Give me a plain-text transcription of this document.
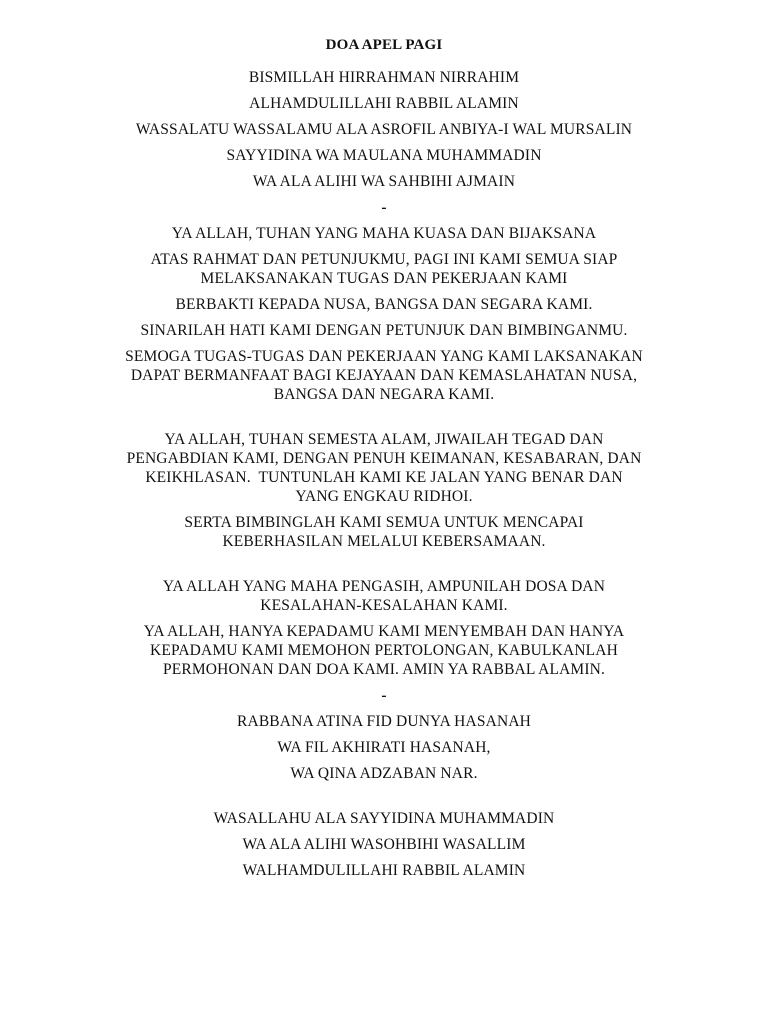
DOA APEL PAGI
BISMILLAH HIRRAHMAN NIRRAHIM
ALHAMDULILLAHI RABBIL ALAMIN
WASSALATU WASSALAMU ALA ASROFIL ANBIYA-I WAL MURSALIN
SAYYIDINA WA MAULANA MUHAMMADIN
WA ALA ALIHI WA SAHBIHI AJMAIN
-
YA ALLAH, TUHAN YANG MAHA KUASA DAN BIJAKSANA
ATAS RAHMAT DAN PETUNJUKMU, PAGI INI KAMI SEMUA SIAP
MELAKSANAKAN TUGAS DAN PEKERJAAN KAMI
BERBAKTI KEPADA NUSA, BANGSA DAN SEGARA KAMI.
SINARILAH HATI KAMI DENGAN PETUNJUK DAN BIMBINGANMU.
SEMOGA TUGAS-TUGAS DAN PEKERJAAN YANG KAMI LAKSANAKAN
DAPAT BERMANFAAT BAGI KEJAYAAN DAN KEMASLAHATAN NUSA,
BANGSA DAN NEGARA KAMI.
YA ALLAH, TUHAN SEMESTA ALAM, JIWAILAH TEGAD DAN
PENGABDIAN KAMI, DENGAN PENUH KEIMANAN, KESABARAN, DAN
KEIKHLASAN.  TUNTUNLAH KAMI KE JALAN YANG BENAR DAN
YANG ENGKAU RIDHOI.
SERTA BIMBINGLAH KAMI SEMUA UNTUK MENCAPAI
KEBERHASILAN MELALUI KEBERSAMAAN.
YA ALLAH YANG MAHA PENGASIH, AMPUNILAH DOSA DAN
KESALAHAN-KESALAHAN KAMI.
YA ALLAH, HANYA KEPADAMU KAMI MENYEMBAH DAN HANYA
KEPADAMU KAMI MEMOHON PERTOLONGAN, KABULKANLAH
PERMOHONAN DAN DOA KAMI. AMIN YA RABBAL ALAMIN.
-
RABBANA ATINA FID DUNYA HASANAH
WA FIL AKHIRATI HASANAH,
WA QINA ADZABAN NAR.
WASALLAHU ALA SAYYIDINA MUHAMMADIN
WA ALA ALIHI WASOHBIHI WASALLIM
WALHAMDULILLAHI RABBIL ALAMIN
